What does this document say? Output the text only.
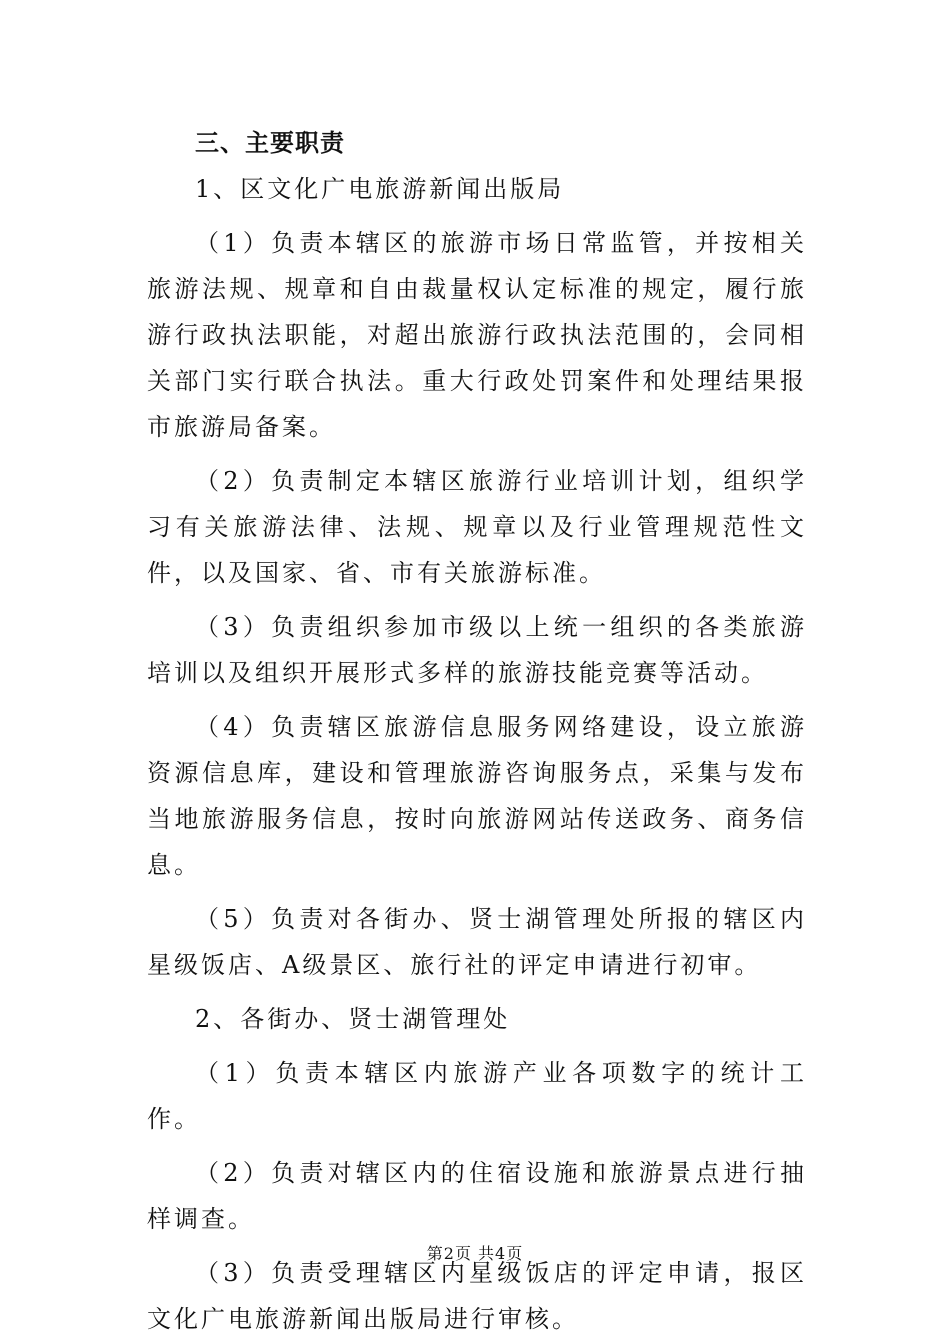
三、主要职责

1、区文化广电旅游新闻出版局

（1）负责本辖区的旅游市场日常监管，并按相关旅游法规、规章和自由裁量权认定标准的规定，履行旅游行政执法职能，对超出旅游行政执法范围的，会同相关部门实行联合执法。重大行政处罚案件和处理结果报市旅游局备案。

（2）负责制定本辖区旅游行业培训计划，组织学习有关旅游法律、法规、规章以及行业管理规范性文件，以及国家、省、市有关旅游标准。

（3）负责组织参加市级以上统一组织的各类旅游培训以及组织开展形式多样的旅游技能竞赛等活动。

（4）负责辖区旅游信息服务网络建设，设立旅游资源信息库，建设和管理旅游咨询服务点，采集与发布当地旅游服务信息，按时向旅游网站传送政务、商务信息。

（5）负责对各街办、贤士湖管理处所报的辖区内星级饭店、A级景区、旅行社的评定申请进行初审。

2、各街办、贤士湖管理处

（1）负责本辖区内旅游产业各项数字的统计工作。

（2）负责对辖区内的住宿设施和旅游景点进行抽样调查。

（3）负责受理辖区内星级饭店的评定申请，报区文化广电旅游新闻出版局进行审核。

第2页 共4页
